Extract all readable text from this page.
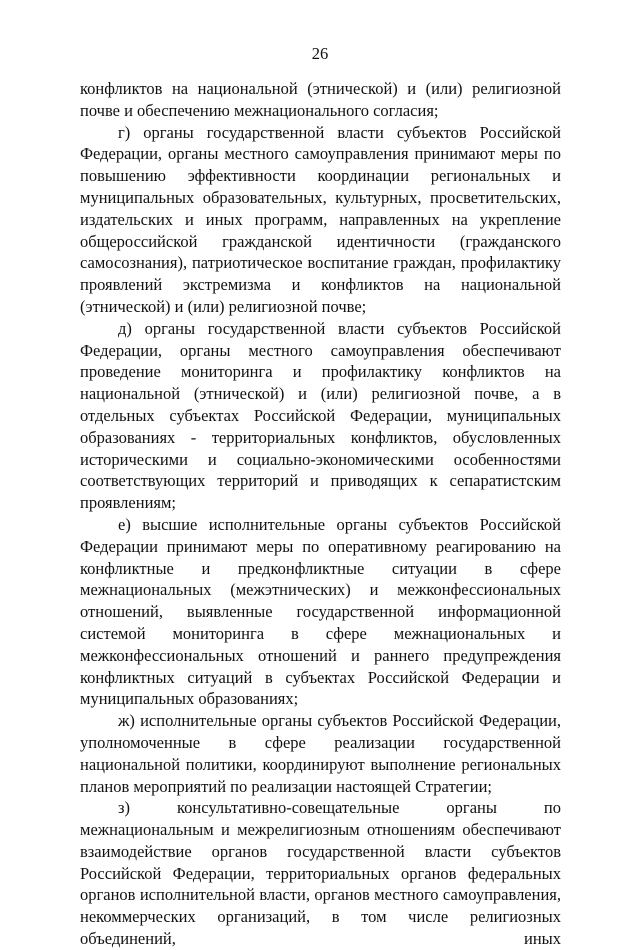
26

конфликтов на национальной (этнической) и (или) религиозной почве и обеспечению межнационального согласия;

г) органы государственной власти субъектов Российской Федерации, органы местного самоуправления принимают меры по повышению эффективности координации региональных и муниципальных образовательных, культурных, просветительских, издательских и иных программ, направленных на укрепление общероссийской гражданской идентичности (гражданского самосознания), патриотическое воспитание граждан, профилактику проявлений экстремизма и конфликтов на национальной (этнической) и (или) религиозной почве;

д) органы государственной власти субъектов Российской Федерации, органы местного самоуправления обеспечивают проведение мониторинга и профилактику конфликтов на национальной (этнической) и (или) религиозной почве, а в отдельных субъектах Российской Федерации, муниципальных образованиях - территориальных конфликтов, обусловленных историческими и социально-экономическими особенностями соответствующих территорий и приводящих к сепаратистским проявлениям;

е) высшие исполнительные органы субъектов Российской Федерации принимают меры по оперативному реагированию на конфликтные и предконфликтные ситуации в сфере межнациональных (межэтнических) и межконфессиональных отношений, выявленные государственной информационной системой мониторинга в сфере межнациональных и межконфессиональных отношений и раннего предупреждения конфликтных ситуаций в субъектах Российской Федерации и муниципальных образованиях;

ж) исполнительные органы субъектов Российской Федерации, уполномоченные в сфере реализации государственной национальной политики, координируют выполнение региональных планов мероприятий по реализации настоящей Стратегии;

з) консультативно-совещательные органы по межнациональным и межрелигиозным отношениям обеспечивают взаимодействие органов государственной власти субъектов Российской Федерации, территориальных органов федеральных органов исполнительной власти, органов местного самоуправления, некоммерческих организаций, в том числе религиозных объединений, иных
